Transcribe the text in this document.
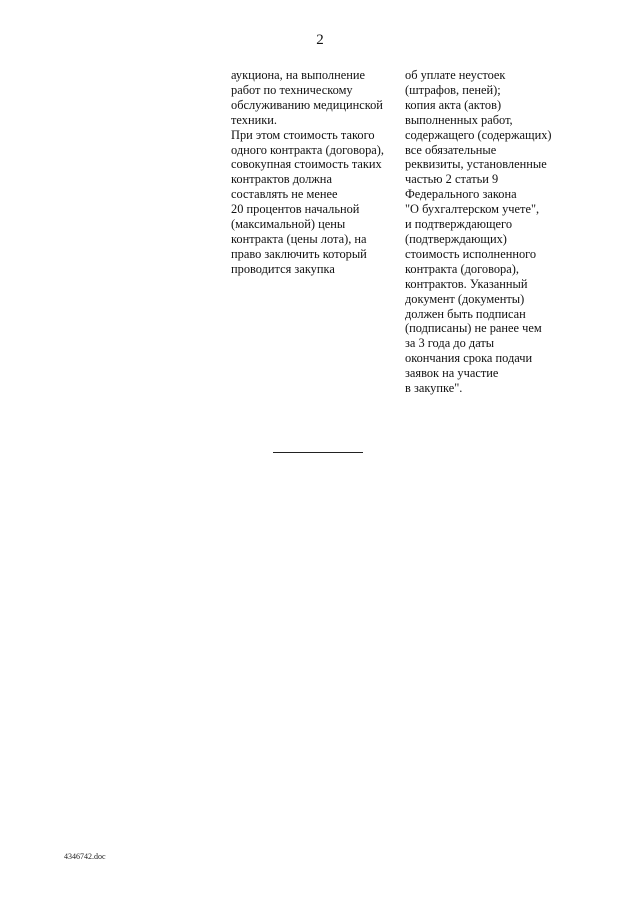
2
аукциона, на выполнение
работ по техническому
обслуживанию медицинской
техники.
При этом стоимость такого
одного контракта (договора),
совокупная стоимость таких
контрактов должна
составлять не менее
20 процентов начальной
(максимальной) цены
контракта (цены лота), на
право заключить который
проводится закупка
об уплате неустоек
(штрафов, пеней);
копия акта (актов)
выполненных работ,
содержащего (содержащих)
все обязательные
реквизиты, установленные
частью 2 статьи 9
Федерального закона
"О бухгалтерском учете",
и подтверждающего
(подтверждающих)
стоимость исполненного
контракта (договора),
контрактов. Указанный
документ (документы)
должен быть подписан
(подписаны) не ранее чем
за 3 года до даты
окончания срока подачи
заявок на участие
в закупке".
4346742.doc
